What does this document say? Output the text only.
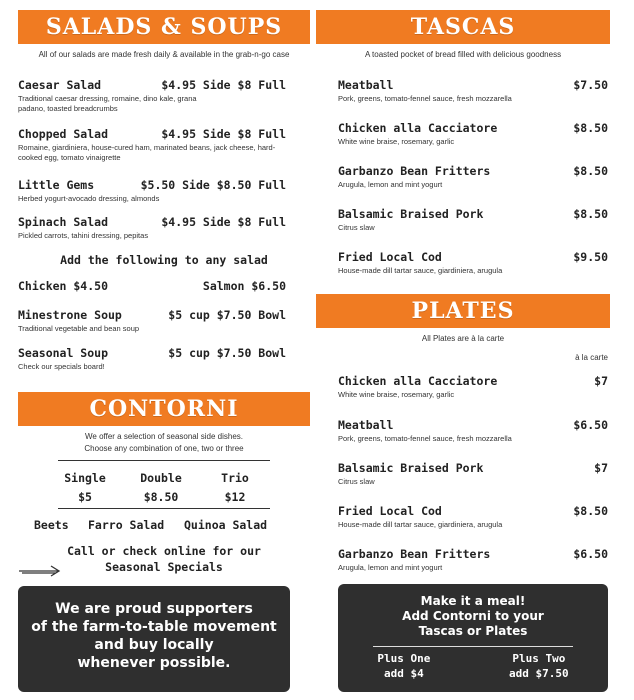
SALADS & SOUPS
All of our salads are made fresh daily & available in the grab-n-go case
Caesar Salad	$4.95 Side $8 Full
Traditional caesar dressing, romaine, dino kale, grana padano, toasted breadcrumbs
Chopped Salad	$4.95 Side $8 Full
Romaine, giardiniera, house-cured ham, marinated beans, jack cheese, hard-cooked egg, tomato vinaigrette
Little Gems	$5.50 Side $8.50 Full
Herbed yogurt-avocado dressing, almonds
Spinach Salad	$4.95 Side $8 Full
Pickled carrots, tahini dressing, pepitas
Add the following to any salad
Chicken $4.50	Salmon $6.50
Minestrone Soup	$5 cup $7.50 Bowl
Traditional vegetable and bean soup
Seasonal Soup	$5 cup $7.50 Bowl
Check our specials board!
CONTORNI
We offer a selection of seasonal side dishes.
Choose any combination of one, two or three
Single	Double	Trio
$5	$8.50	$12
Beets Farro Salad Quinoa Salad
Call or check online for our
Seasonal Specials
We are proud supporters
of the farm-to-table movement
and buy locally
whenever possible.
TASCAS
A toasted pocket of bread filled with delicious goodness
Meatball	$7.50
Pork, greens, tomato-fennel sauce, fresh mozzarella
Chicken alla Cacciatore	$8.50
White wine braise, rosemary, garlic
Garbanzo Bean Fritters	$8.50
Arugula, lemon and mint yogurt
Balsamic Braised Pork	$8.50
Citrus slaw
Fried Local Cod	$9.50
House-made dill tartar sauce, giardiniera, arugula
PLATES
All Plates are à la carte
à la carte
Chicken alla Cacciatore	$7
White wine braise, rosemary, garlic
Meatball	$6.50
Pork, greens, tomato-fennel sauce, fresh mozzarella
Balsamic Braised Pork	$7
Citrus slaw
Fried Local Cod	$8.50
House-made dill tartar sauce, giardiniera, arugula
Garbanzo Bean Fritters	$6.50
Arugula, lemon and mint yogurt
Make it a meal!
Add Contorni to your
Tascas or Plates
Plus One
add $4
Plus Two
add $7.50
